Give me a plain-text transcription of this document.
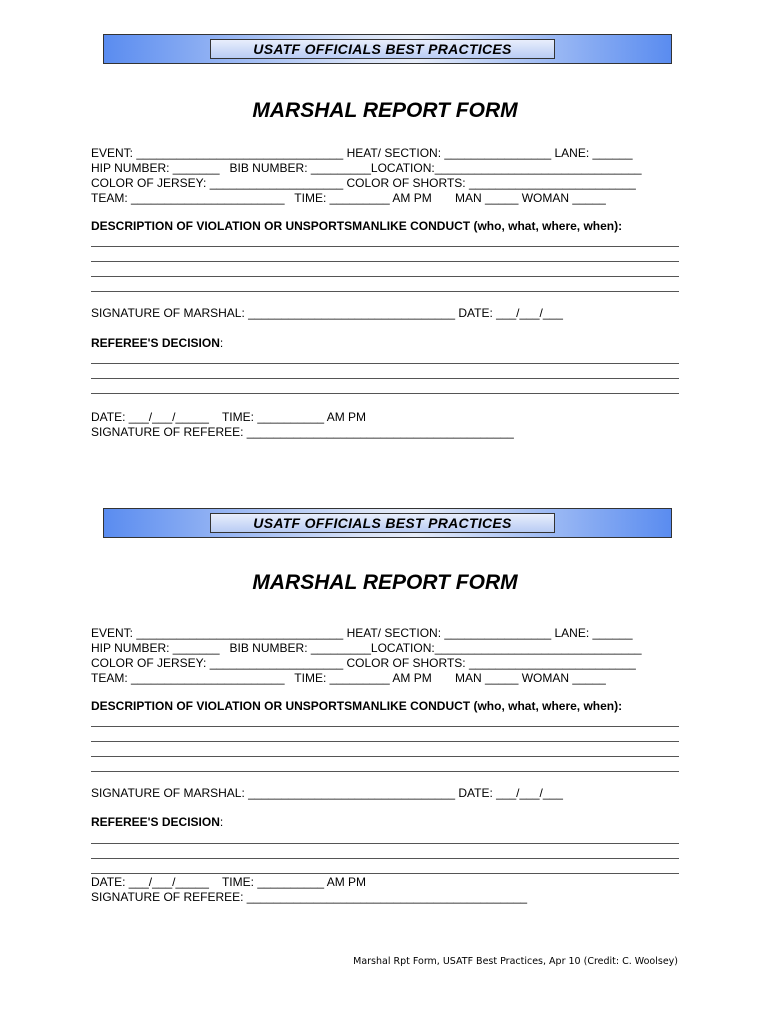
USATF OFFICIALS BEST PRACTICES
MARSHAL REPORT FORM
EVENT: _______________________________ HEAT/ SECTION: ________________ LANE: ______
HIP NUMBER: _______   BIB NUMBER: _________LOCATION:_______________________________
COLOR OF JERSEY: ____________________ COLOR OF SHORTS: _________________________
TEAM: _______________________   TIME: _________ AM PM       MAN _____ WOMAN _____
DESCRIPTION OF VIOLATION OR UNSPORTSMANLIKE CONDUCT (who, what, where, when):
SIGNATURE OF MARSHAL: _______________________________ DATE: ___/___/___
REFEREE'S DECISION:
DATE: ___/___/_____    TIME: __________ AM PM
SIGNATURE OF REFEREE: ________________________________________
USATF OFFICIALS BEST PRACTICES
MARSHAL REPORT FORM
EVENT: _______________________________ HEAT/ SECTION: ________________ LANE: ______
HIP NUMBER: _______   BIB NUMBER: _________LOCATION:_______________________________
COLOR OF JERSEY: ____________________ COLOR OF SHORTS: _________________________
TEAM: _______________________   TIME: _________ AM PM       MAN _____ WOMAN _____
DESCRIPTION OF VIOLATION OR UNSPORTSMANLIKE CONDUCT (who, what, where, when):
SIGNATURE OF MARSHAL: _______________________________ DATE: ___/___/___
REFEREE'S DECISION:
DATE: ___/___/_____    TIME: __________ AM PM
SIGNATURE OF REFEREE: __________________________________________
Marshal Rpt Form, USATF Best Practices, Apr 10 (Credit: C. Woolsey)
